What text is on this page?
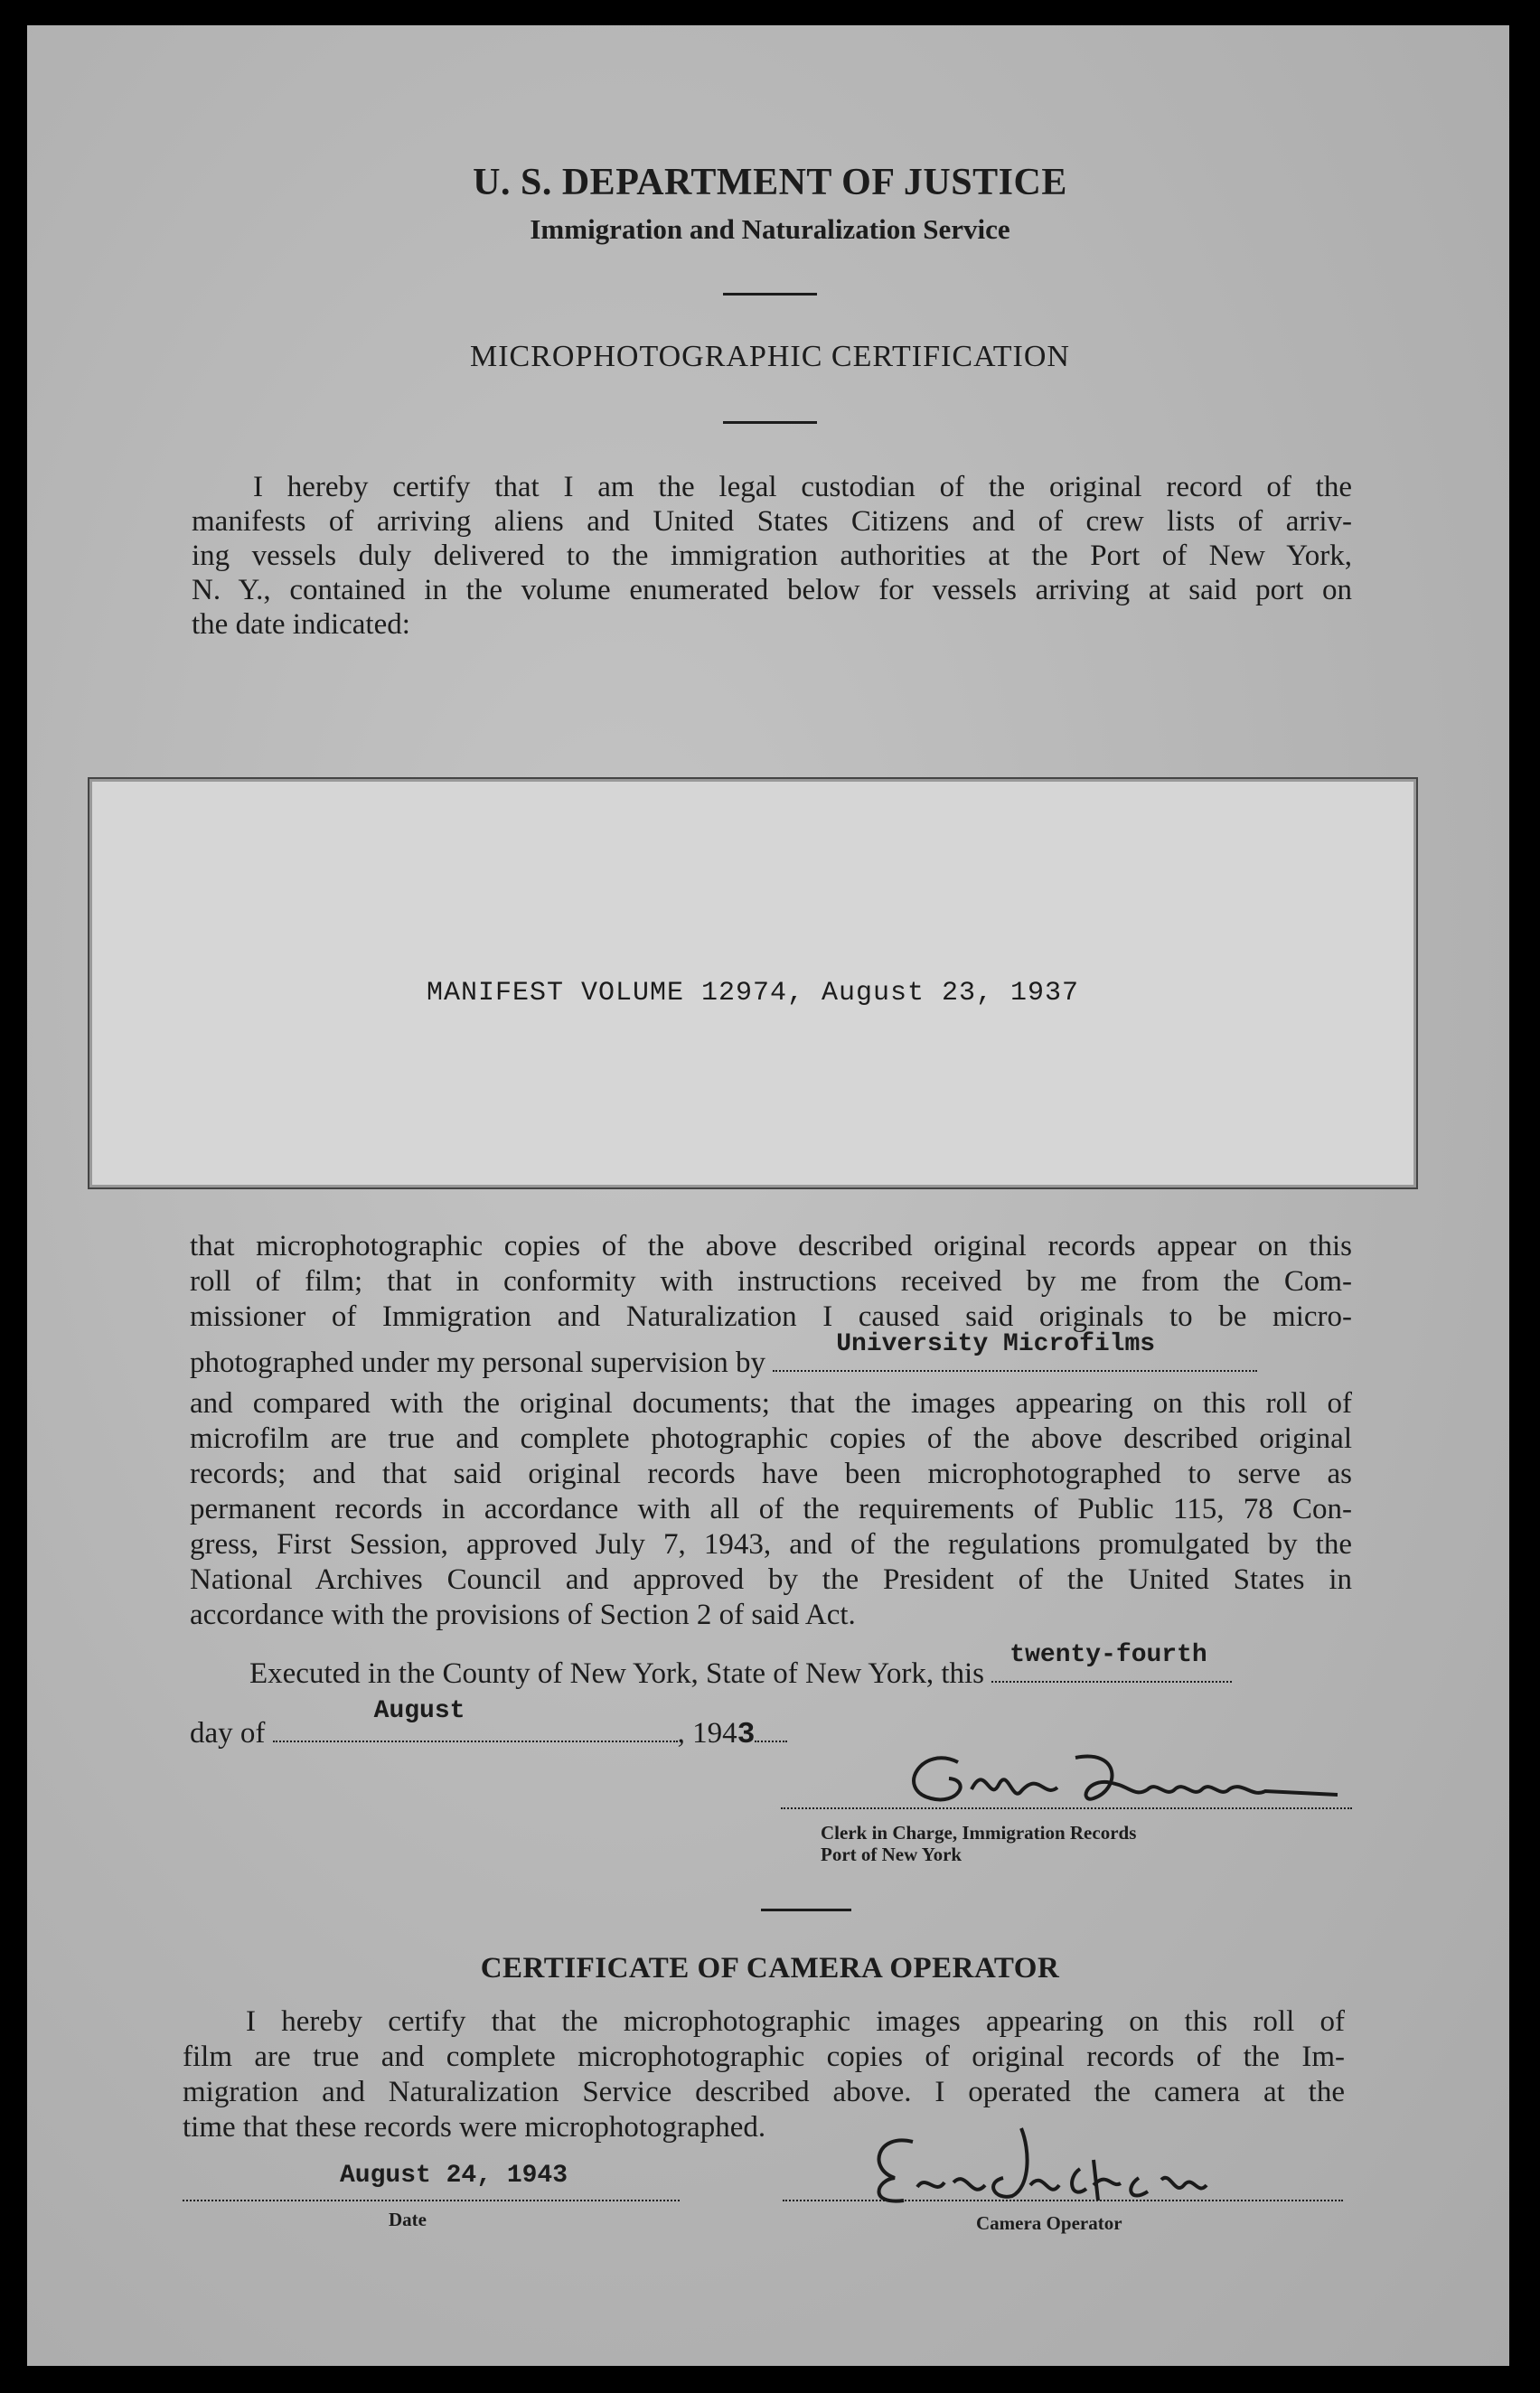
U. S. DEPARTMENT OF JUSTICE
Immigration and Naturalization Service
MICROPHOTOGRAPHIC CERTIFICATION
I hereby certify that I am the legal custodian of the original record of the
manifests of arriving aliens and United States Citizens and of crew lists of arriv-
ing vessels duly delivered to the immigration authorities at the Port of New York,
N. Y., contained in the volume enumerated below for vessels arriving at said port on
the date indicated:
MANIFEST VOLUME 12974, August 23, 1937
that microphotographic copies of the above described original records appear on this
roll of film; that in conformity with instructions received by me from the Com-
missioner of Immigration and Naturalization I caused said originals to be micro-
photographed under my personal supervision by
University Microfilms
and compared with the original documents; that the images appearing on this roll of
microfilm are true and complete photographic copies of the above described original
records; and that said original records have been microphotographed to serve as
permanent records in accordance with all of the requirements of Public 115, 78 Con-
gress, First Session, approved July 7, 1943, and of the regulations promulgated by the
National Archives Council and approved by the President of the United States in
accordance with the provisions of Section 2 of said Act.
Executed in the County of New York, State of New York, this
twenty-fourth
day of
August
, 1943
Clerk in Charge, Immigration Records
Port of New York
CERTIFICATE OF CAMERA OPERATOR
I hereby certify that the microphotographic images appearing on this roll of
film are true and complete microphotographic copies of original records of the Im-
migration and Naturalization Service described above. I operated the camera at the
time that these records were microphotographed.
August 24, 1943
Date	Camera Operator
